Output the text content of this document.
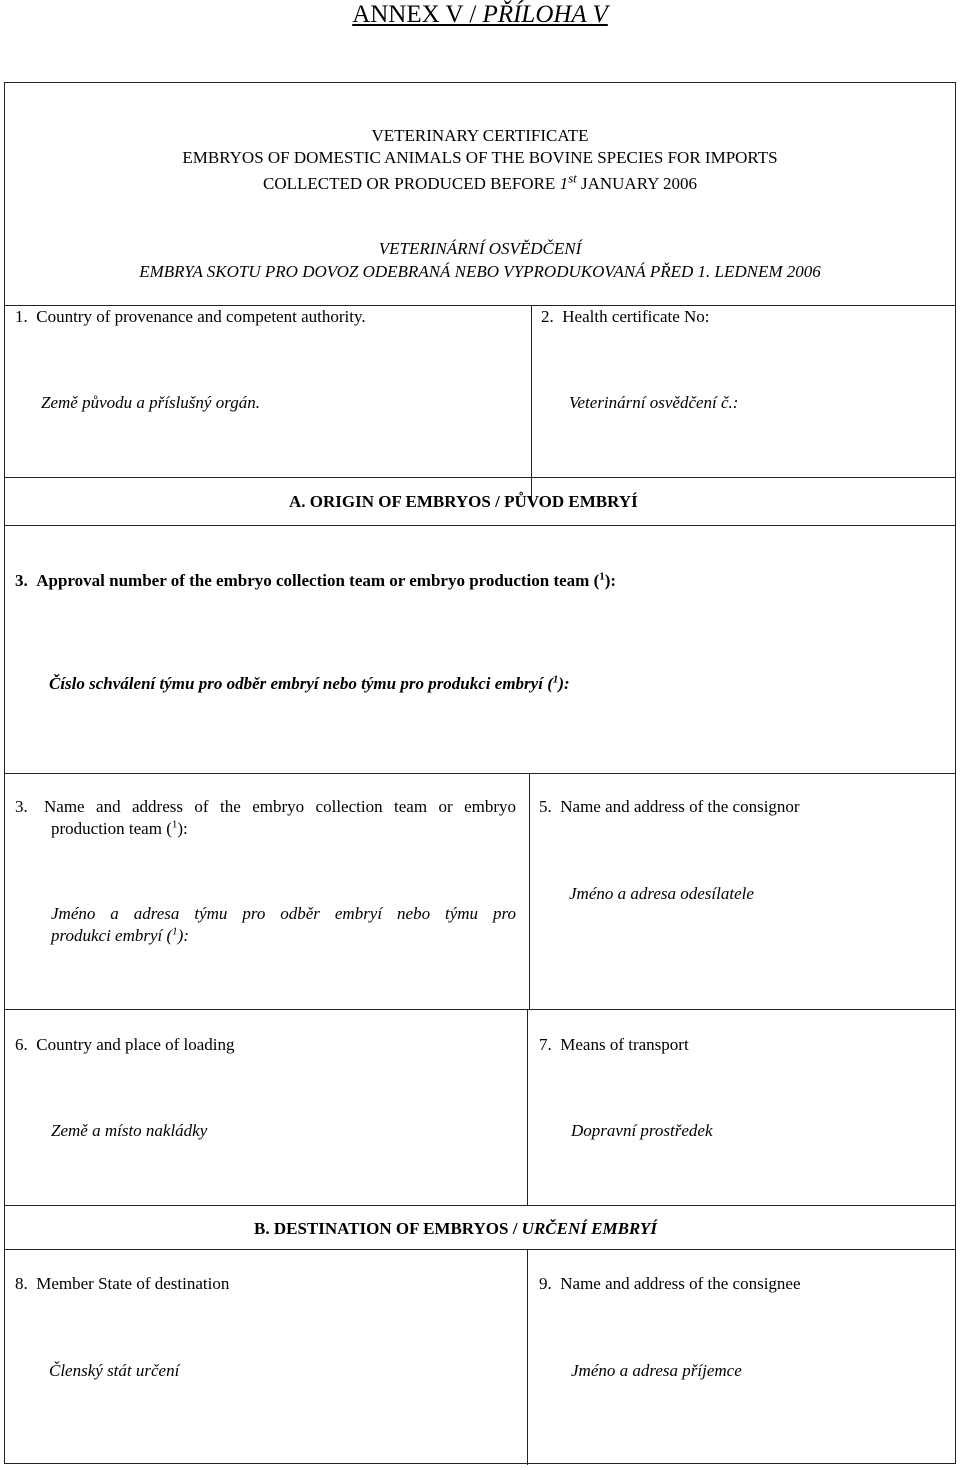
ANNEX V / PŘÍLOHA V
VETERINARY CERTIFICATE
EMBRYOS OF DOMESTIC ANIMALS OF THE BOVINE SPECIES FOR IMPORTS
COLLECTED OR PRODUCED BEFORE 1st JANUARY 2006
VETERINÁRNÍ OSVĚDČENÍ
EMBRYA SKOTU PRO DOVOZ ODEBRANÁ NEBO VYPRODUKOVANÁ PŘED 1. LEDNEM 2006
1. Country of provenance and competent authority.
Země původu a příslušný orgán.
2. Health certificate No:
Veterinární osvědčení č.:
A. ORIGIN OF EMBRYOS / PŮVOD EMBRYÍ
3. Approval number of the embryo collection team or embryo production team ($^1$):
Číslo schválení týmu pro odběr embryí nebo týmu pro produkci embryí ($^1$):
3. Name and address of the embryo collection team or embryo
production team ($^1$):
Jméno a adresa týmu pro odběr embryí nebo týmu pro
produkci embryí ($^1$):
5. Name and address of the consignor
Jméno a adresa odesílatele
6. Country and place of loading
Země a místo nakládky
7. Means of transport
Dopravní prostředek
B. DESTINATION OF EMBRYOS / URČENÍ EMBRYÍ
8. Member State of destination
Členský stát určení
9. Name and address of the consignee
Jméno a adresa příjemce
